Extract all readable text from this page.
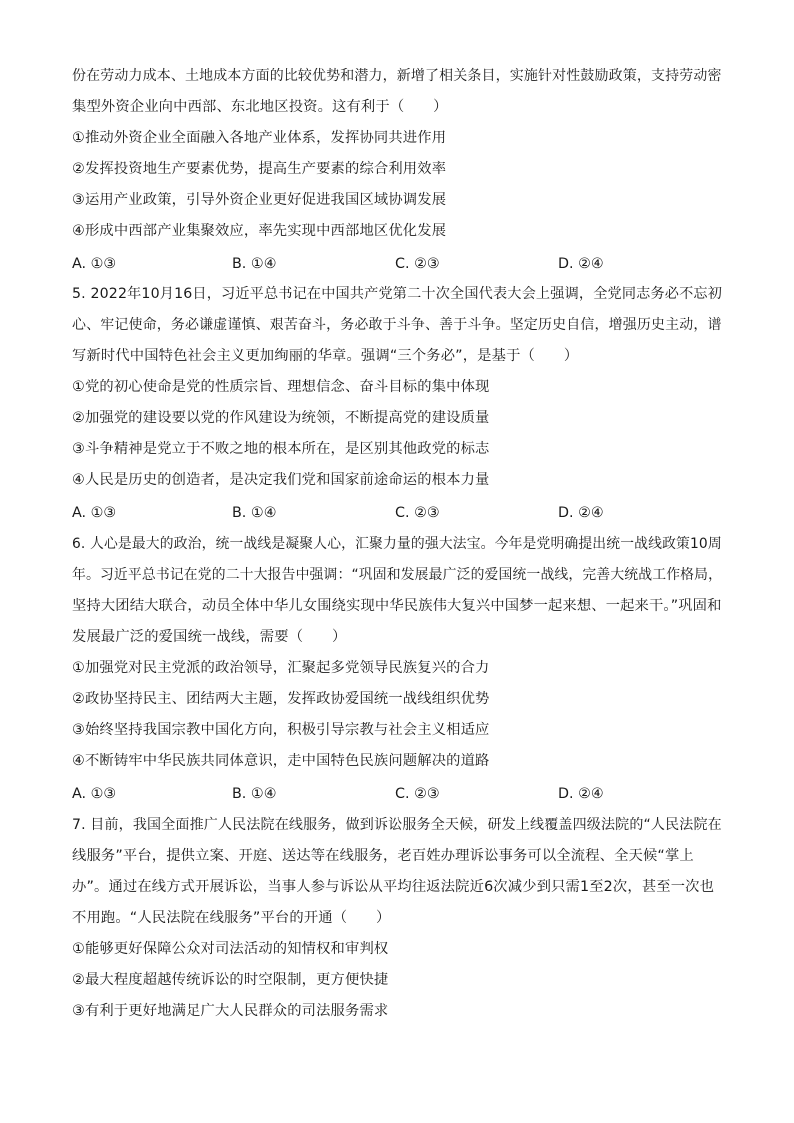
份在劳动力成本、土地成本方面的比较优势和潜力，新增了相关条目，实施针对性鼓励政策，支持劳动密
集型外资企业向中西部、东北地区投资。这有利于（　　）
①推动外资企业全面融入各地产业体系，发挥协同共进作用
②发挥投资地生产要素优势，提高生产要素的综合利用效率
③运用产业政策，引导外资企业更好促进我国区域协调发展
④形成中西部产业集聚效应，率先实现中西部地区优化发展
A. ①③	B. ①④	C. ②③	D. ②④
5. 2022年10月16日，习近平总书记在中国共产党第二十次全国代表大会上强调，全党同志务必不忘初
心、牢记使命，务必谦虚谨慎、艰苦奋斗，务必敢于斗争、善于斗争。坚定历史自信，增强历史主动，谱
写新时代中国特色社会主义更加绚丽的华章。强调“三个务必”，是基于（　　）
①党的初心使命是党的性质宗旨、理想信念、奋斗目标的集中体现
②加强党的建设要以党的作风建设为统领，不断提高党的建设质量
③斗争精神是党立于不败之地的根本所在，是区别其他政党的标志
④人民是历史的创造者，是决定我们党和国家前途命运的根本力量
A. ①③	B. ①④	C. ②③	D. ②④
6. 人心是最大的政治，统一战线是凝聚人心，汇聚力量的强大法宝。今年是党明确提出统一战线政策10周
年。习近平总书记在党的二十大报告中强调：“巩固和发展最广泛的爱国统一战线，完善大统战工作格局，
坚持大团结大联合，动员全体中华儿女围绕实现中华民族伟大复兴中国梦一起来想、一起来干。”巩固和
发展最广泛的爱国统一战线，需要（　　）
①加强党对民主党派的政治领导，汇聚起多党领导民族复兴的合力
②政协坚持民主、团结两大主题，发挥政协爱国统一战线组织优势
③始终坚持我国宗教中国化方向，积极引导宗教与社会主义相适应
④不断铸牢中华民族共同体意识，走中国特色民族问题解决的道路
A. ①③	B. ①④	C. ②③	D. ②④
7. 目前，我国全面推广人民法院在线服务，做到诉讼服务全天候，研发上线覆盖四级法院的“人民法院在
线服务”平台，提供立案、开庭、送达等在线服务，老百姓办理诉讼事务可以全流程、全天候“掌上
办”。通过在线方式开展诉讼，当事人参与诉讼从平均往返法院近6次减少到只需1至2次，甚至一次也
不用跑。“人民法院在线服务”平台的开通（　　）
①能够更好保障公众对司法活动的知情权和审判权
②最大程度超越传统诉讼的时空限制，更方便快捷
③有利于更好地满足广大人民群众的司法服务需求
